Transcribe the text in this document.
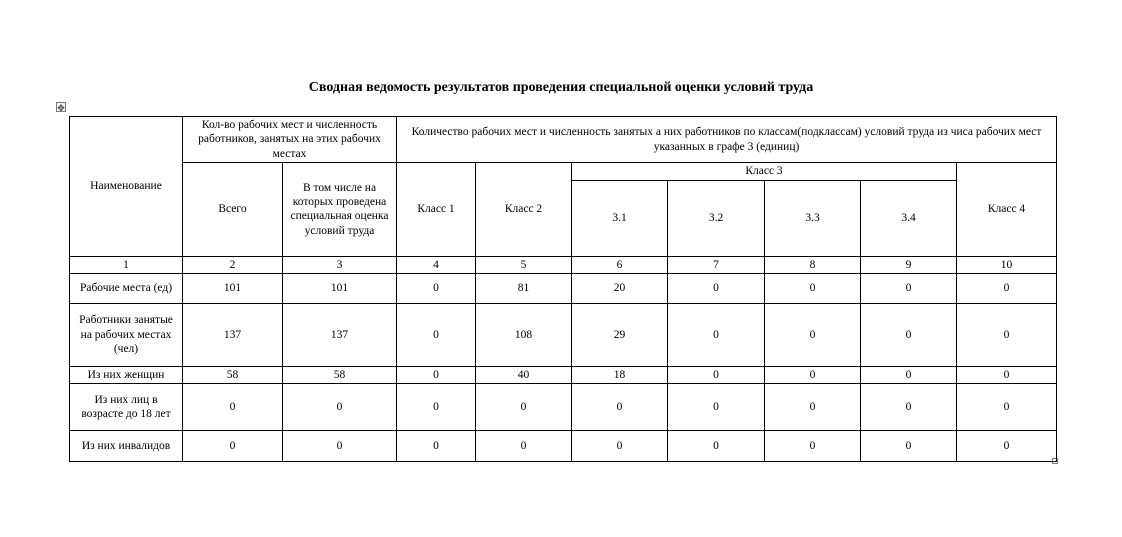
Сводная ведомость результатов проведения специальной оценки условий труда
✥
Наименование	Кол-во рабочих мест и численность работников, занятых на этих рабочих местах		Количество рабочих мест и численность занятых а них работников по классам(подклассам) условий труда из чиса рабочих мест указанных в графе 3 (единиц)						
	Всего	В том числе на которых проведена специальная оценка условий труда	Класс 1	Класс 2	Класс 3				Класс 4
					3.1	3.2	3.3	3.4	
1	2	3	4	5	6	7	8	9	10
Рабочие места (ед)	101	101	0	81	20	0	0	0	0
Работники занятые на рабочих местах (чел)	137	137	0	108	29	0	0	0	0
Из них женщин	58	58	0	40	18	0	0	0	0
Из них лиц в возрасте до 18 лет	0	0	0	0	0	0	0	0	0
Из них инвалидов	0	0	0	0	0	0	0	0	0
